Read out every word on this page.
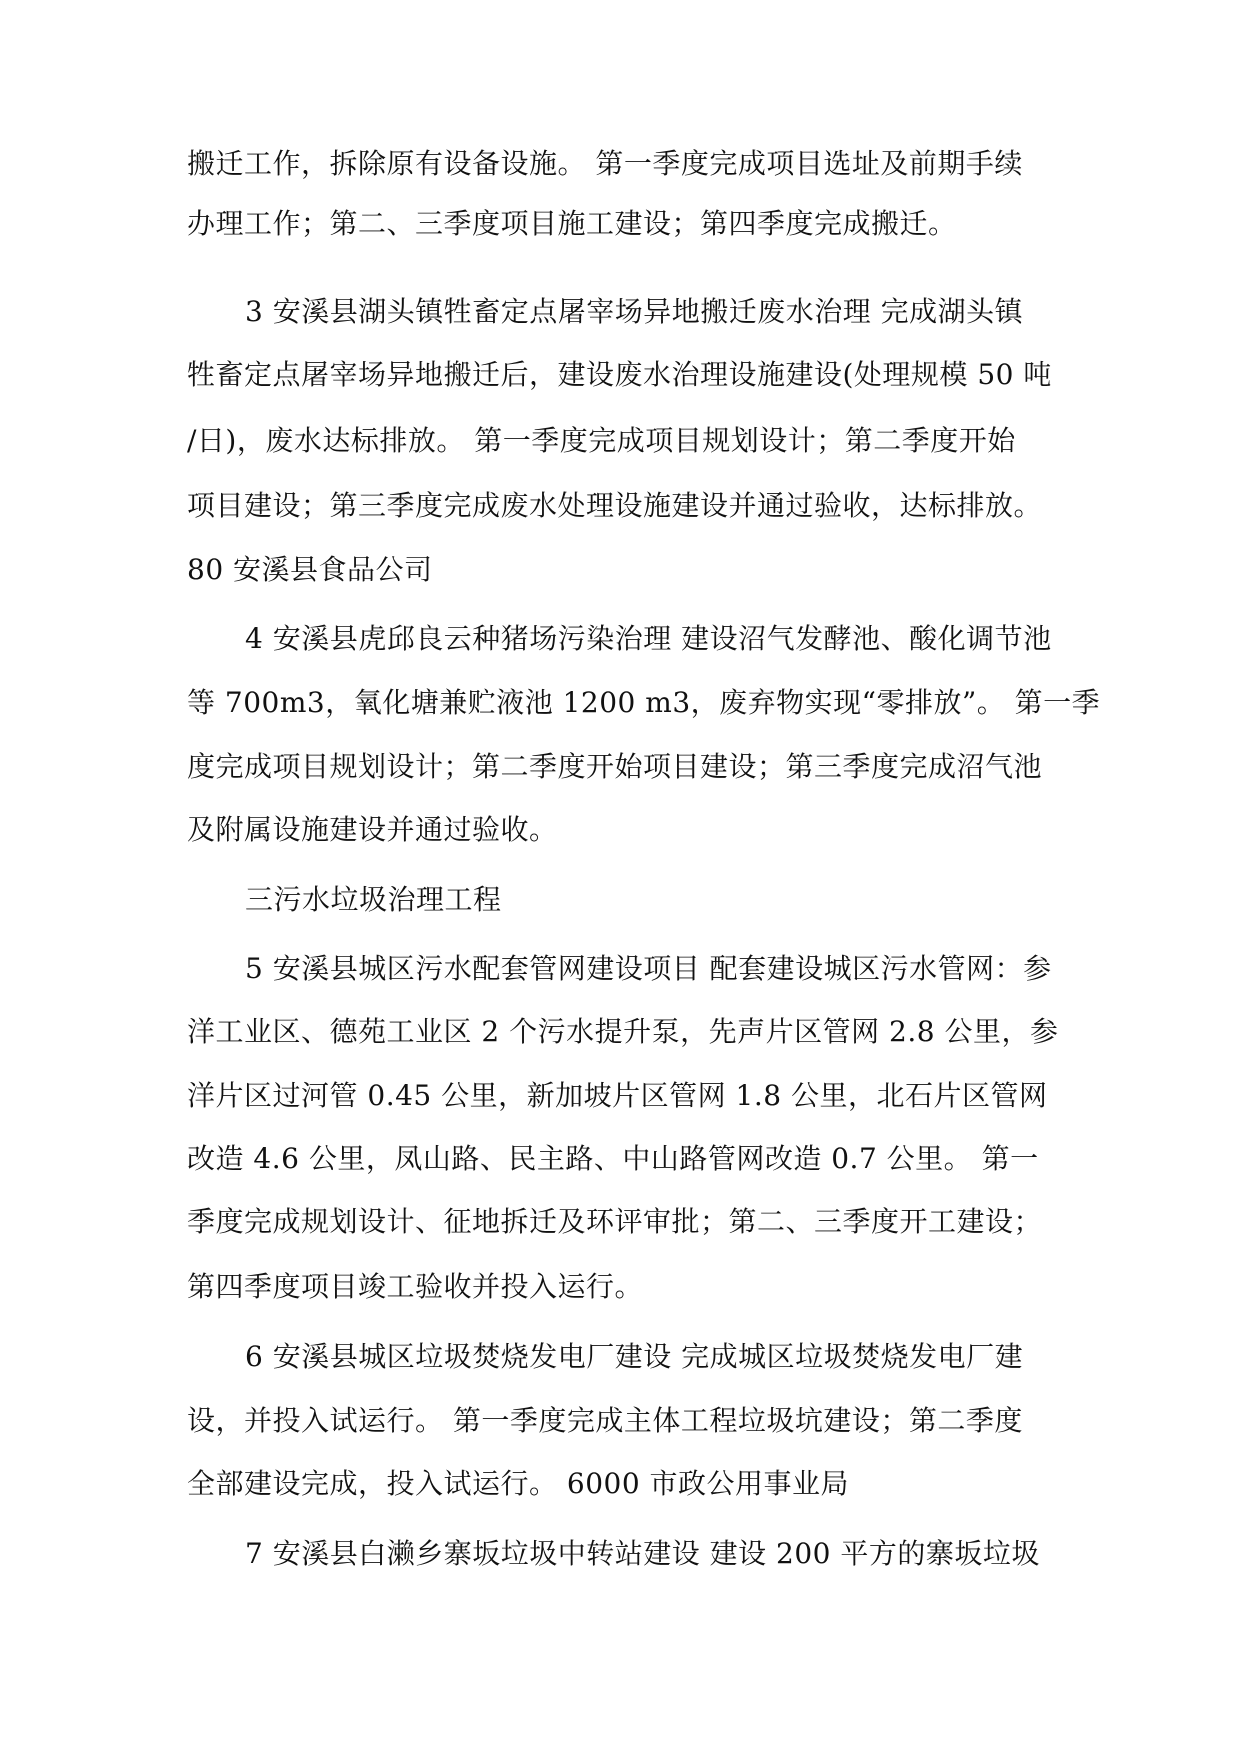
搬迁工作，拆除原有设备设施。 第一季度完成项目选址及前期手续
办理工作；第二、三季度项目施工建设；第四季度完成搬迁。
3 安溪县湖头镇牲畜定点屠宰场异地搬迁废水治理 完成湖头镇
牲畜定点屠宰场异地搬迁后，建设废水治理设施建设(处理规模 50 吨
/日)，废水达标排放。 第一季度完成项目规划设计；第二季度开始
项目建设；第三季度完成废水处理设施建设并通过验收，达标排放。
80 安溪县食品公司
4 安溪县虎邱良云种猪场污染治理 建设沼气发酵池、酸化调节池
等 700m3，氧化塘兼贮液池 1200 m3，废弃物实现“零排放”。 第一季
度完成项目规划设计；第二季度开始项目建设；第三季度完成沼气池
及附属设施建设并通过验收。
三污水垃圾治理工程
5 安溪县城区污水配套管网建设项目 配套建设城区污水管网：参
洋工业区、德苑工业区 2 个污水提升泵，先声片区管网 2.8 公里，参
洋片区过河管 0.45 公里，新加坡片区管网 1.8 公里，北石片区管网
改造 4.6 公里，凤山路、民主路、中山路管网改造 0.7 公里。 第一
季度完成规划设计、征地拆迁及环评审批；第二、三季度开工建设；
第四季度项目竣工验收并投入运行。
6 安溪县城区垃圾焚烧发电厂建设 完成城区垃圾焚烧发电厂建
设，并投入试运行。 第一季度完成主体工程垃圾坑建设；第二季度
全部建设完成，投入试运行。 6000 市政公用事业局
7 安溪县白濑乡寨坂垃圾中转站建设 建设 200 平方的寨坂垃圾
